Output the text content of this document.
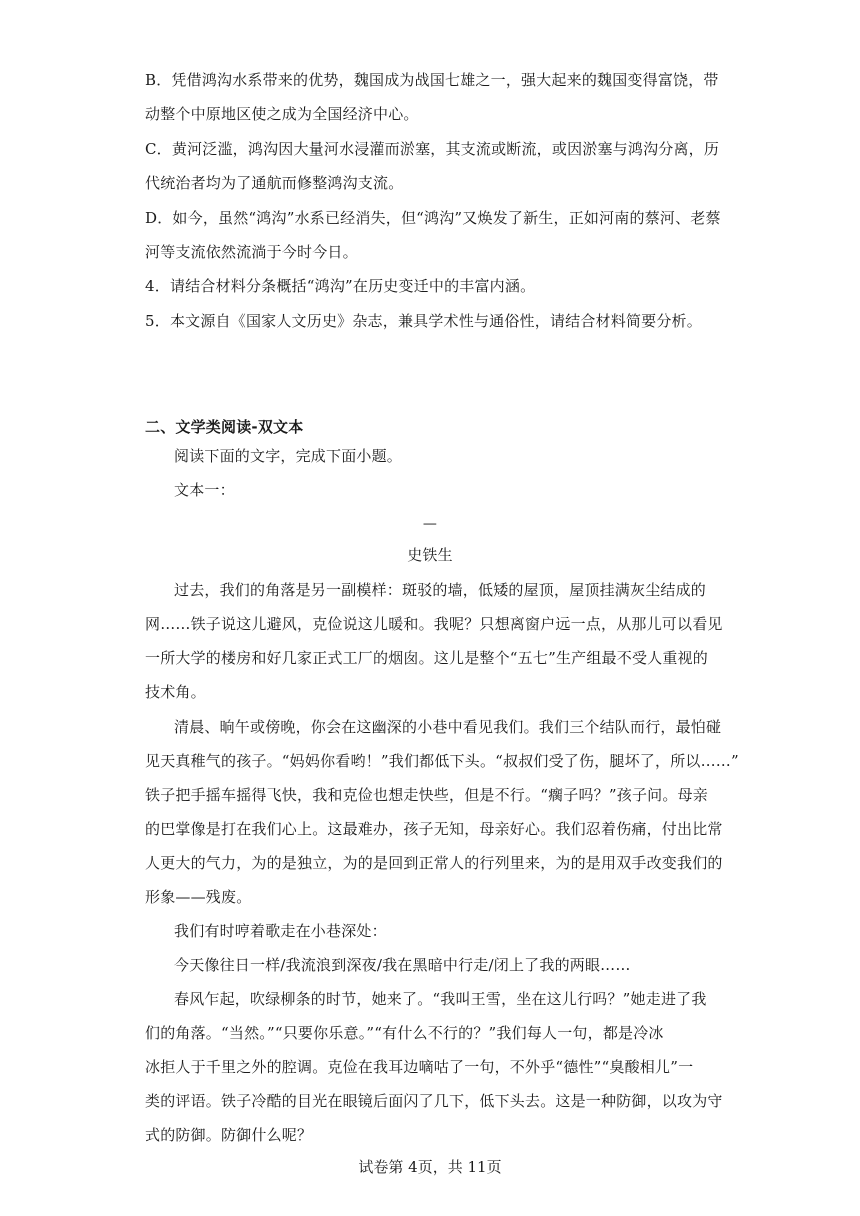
B．凭借鸿沟水系带来的优势，魏国成为战国七雄之一，强大起来的魏国变得富饶，带
动整个中原地区使之成为全国经济中心。
C．黄河泛滥，鸿沟因大量河水浸灌而淤塞，其支流或断流，或因淤塞与鸿沟分离，历
代统治者均为了通航而修整鸿沟支流。
D．如今，虽然“鸿沟”水系已经消失，但“鸿沟”又焕发了新生，正如河南的蔡河、老蔡
河等支流依然流淌于今时今日。
4．请结合材料分条概括“鸿沟”在历史变迁中的丰富内涵。
5．本文源自《国家人文历史》杂志，兼具学术性与通俗性，请结合材料简要分析。
二、文学类阅读-双文本
阅读下面的文字，完成下面小题。
文本一：
—
史铁生
过去，我们的角落是另一副模样：斑驳的墙，低矮的屋顶，屋顶挂满灰尘结成的
网……铁子说这儿避风，克俭说这儿暖和。我呢？只想离窗户远一点，从那儿可以看见
一所大学的楼房和好几家正式工厂的烟囱。这儿是整个“五七”生产组最不受人重视的
技术角。
清晨、晌午或傍晚，你会在这幽深的小巷中看见我们。我们三个结队而行，最怕碰
见天真稚气的孩子。“妈妈你看哟！”我们都低下头。“叔叔们受了伤，腿坏了，所以……”
铁子把手摇车摇得飞快，我和克俭也想走快些，但是不行。“瘸子吗？”孩子问。母亲
的巴掌像是打在我们心上。这最难办，孩子无知，母亲好心。我们忍着伤痛，付出比常
人更大的气力，为的是独立，为的是回到正常人的行列里来，为的是用双手改变我们的
形象——残废。
我们有时哼着歌走在小巷深处：
今天像往日一样/我流浪到深夜/我在黑暗中行走/闭上了我的两眼……
春风乍起，吹绿柳条的时节，她来了。“我叫王雪，坐在这儿行吗？”她走进了我
们的角落。“当然。”“只要你乐意。”“有什么不行的？”我们每人一句，都是冷冰
冰拒人于千里之外的腔调。克俭在我耳边嘀咕了一句，不外乎“德性”“臭酸相儿”一
类的评语。铁子冷酷的目光在眼镜后面闪了几下，低下头去。这是一种防御，以攻为守
式的防御。防御什么呢？
试卷第 4页，共 11页
